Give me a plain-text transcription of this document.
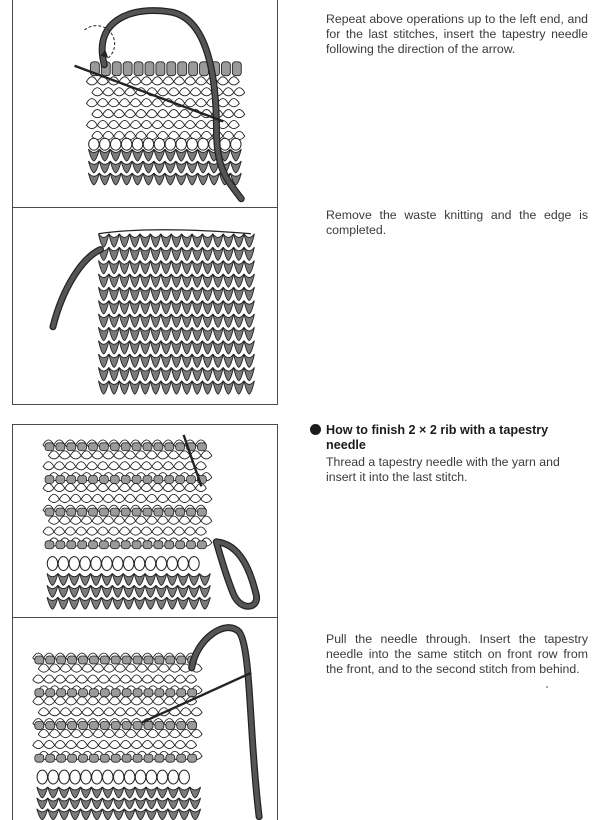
Repeat above operations up to the left end, and for the last stitches, insert the tapestry needle following the direction of the arrow.
Remove the waste knitting and the edge is completed.
How to finish 2 × 2 rib with a tapestry
needle
Thread a tapestry needle with the yarn and insert it into the last stitch.
Pull the needle through. Insert the tapestry needle into the same stitch on front row from the front, and to the second stitch from behind.
